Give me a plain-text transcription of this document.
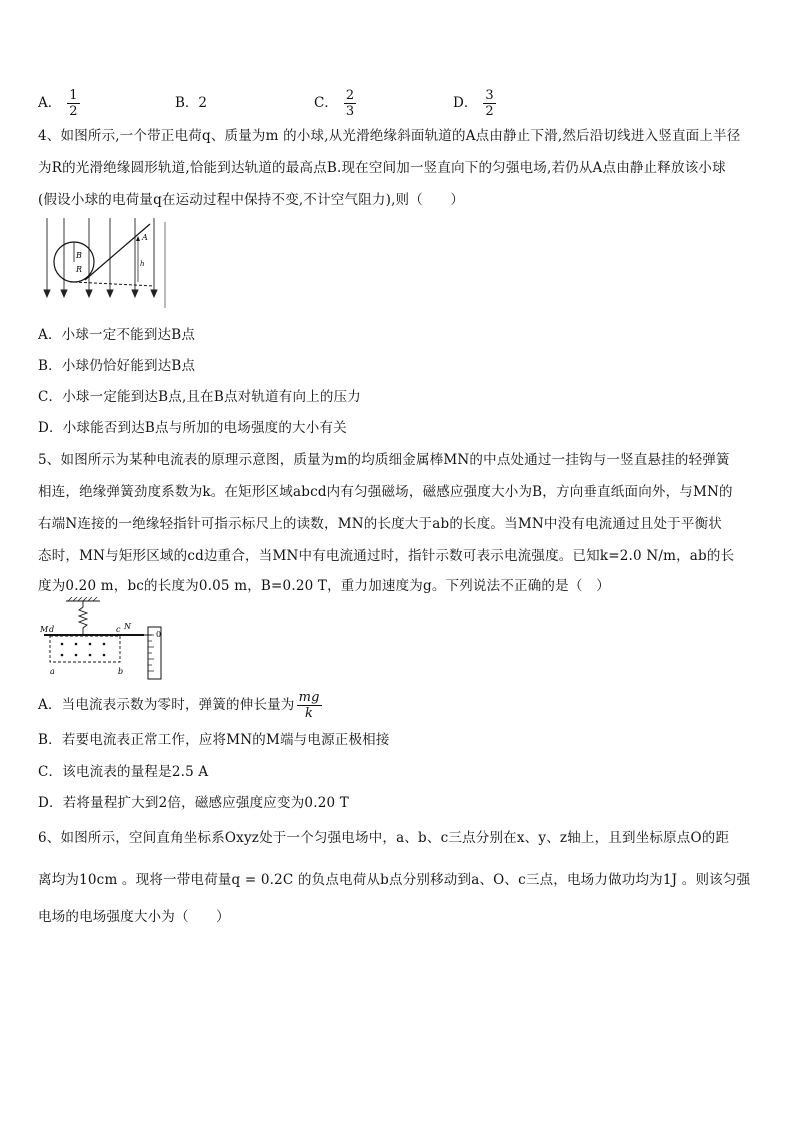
A． $\frac{1}{2}$	B．2	C． $\frac{2}{3}$	D． $\frac{3}{2}$
4、如图所示,一个带正电荷q、质量为m 的小球,从光滑绝缘斜面轨道的A点由静止下滑,然后沿切线进入竖直面上半径
为R的光滑绝缘圆形轨道,恰能到达轨道的最高点B.现在空间加一竖直向下的匀强电场,若仍从A点由静止释放该小球
(假设小球的电荷量q在运动过程中保持不变,不计空气阻力),则（　　）
B
R
A
h
A．小球一定不能到达B点
B．小球仍恰好能到达B点
C．小球一定能到达B点,且在B点对轨道有向上的压力
D．小球能否到达B点与所加的电场强度的大小有关
5、如图所示为某种电流表的原理示意图，质量为m的均质细金属棒MN的中点处通过一挂钩与一竖直悬挂的轻弹簧
相连，绝缘弹簧劲度系数为k。在矩形区域abcd内有匀强磁场，磁感应强度大小为B，方向垂直纸面向外，与MN的
右端N连接的一绝缘轻指针可指示标尺上的读数，MN的长度大于ab的长度。当MN中没有电流通过且处于平衡状
态时，MN与矩形区域的cd边重合，当MN中有电流通过时，指针示数可表示电流强度。已知k=2.0 N/m，ab的长
度为0.20 m，bc的长度为0.05 m，B=0.20 T，重力加速度为g。下列说法不正确的是（　）
M d	c N
a	b
0
A．当电流表示数为零时，弹簧的伸长量为 $\frac{mg}{k}$
B．若要电流表正常工作，应将MN的M端与电源正极相接
C．该电流表的量程是2.5 A
D．若将量程扩大到2倍，磁感应强度应变为0.20 T
6、如图所示，空间直角坐标系Oxyz处于一个匀强电场中，a、b、c三点分别在x、y、z轴上，且到坐标原点O的距
离均为10cm 。现将一带电荷量q = 0.2C 的负点电荷从b点分别移动到a、O、c三点，电场力做功均为1J 。则该匀强
电场的电场强度大小为（　　）
